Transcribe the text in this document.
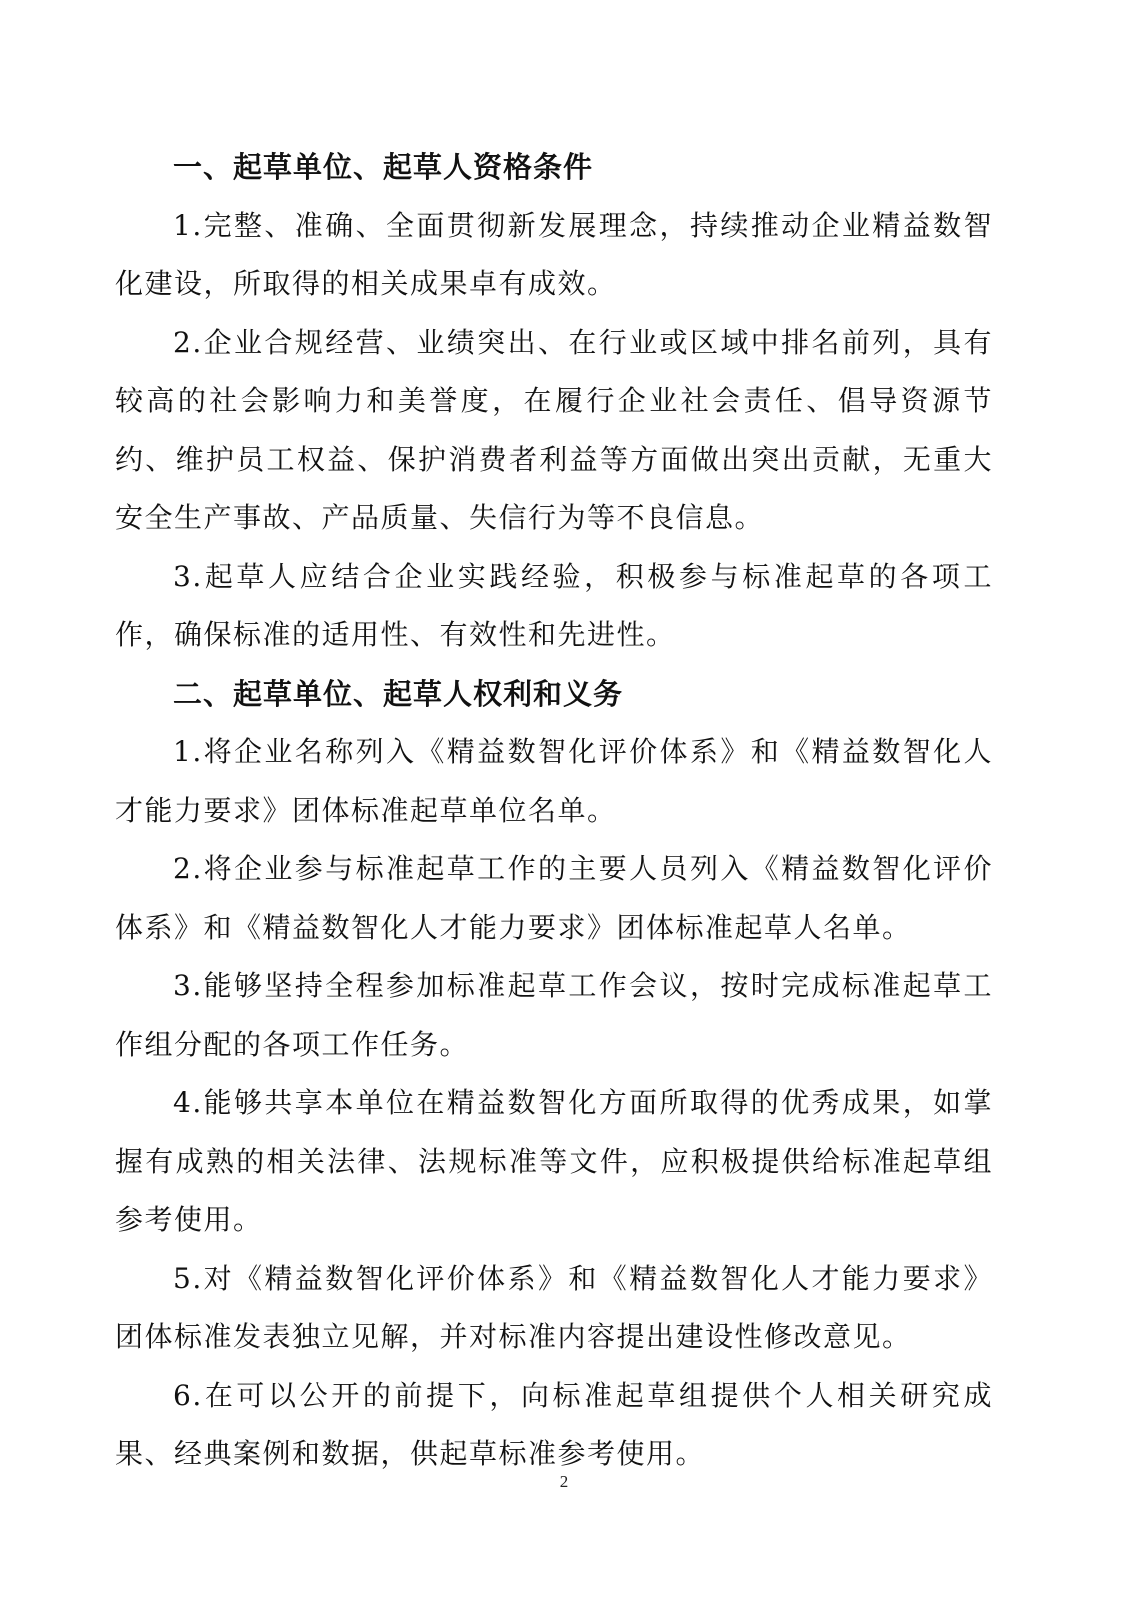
一、起草单位、起草人资格条件

1.完整、准确、全面贯彻新发展理念，持续推动企业精益数智化建设，所取得的相关成果卓有成效。

2.企业合规经营、业绩突出、在行业或区域中排名前列，具有较高的社会影响力和美誉度，在履行企业社会责任、倡导资源节约、维护员工权益、保护消费者利益等方面做出突出贡献，无重大安全生产事故、产品质量、失信行为等不良信息。

3.起草人应结合企业实践经验，积极参与标准起草的各项工作，确保标准的适用性、有效性和先进性。

二、起草单位、起草人权利和义务

1.将企业名称列入《精益数智化评价体系》和《精益数智化人才能力要求》团体标准起草单位名单。

2.将企业参与标准起草工作的主要人员列入《精益数智化评价体系》和《精益数智化人才能力要求》团体标准起草人名单。

3.能够坚持全程参加标准起草工作会议，按时完成标准起草工作组分配的各项工作任务。

4.能够共享本单位在精益数智化方面所取得的优秀成果，如掌握有成熟的相关法律、法规标准等文件，应积极提供给标准起草组参考使用。

5.对《精益数智化评价体系》和《精益数智化人才能力要求》团体标准发表独立见解，并对标准内容提出建设性修改意见。

6.在可以公开的前提下，向标准起草组提供个人相关研究成果、经典案例和数据，供起草标准参考使用。

2
